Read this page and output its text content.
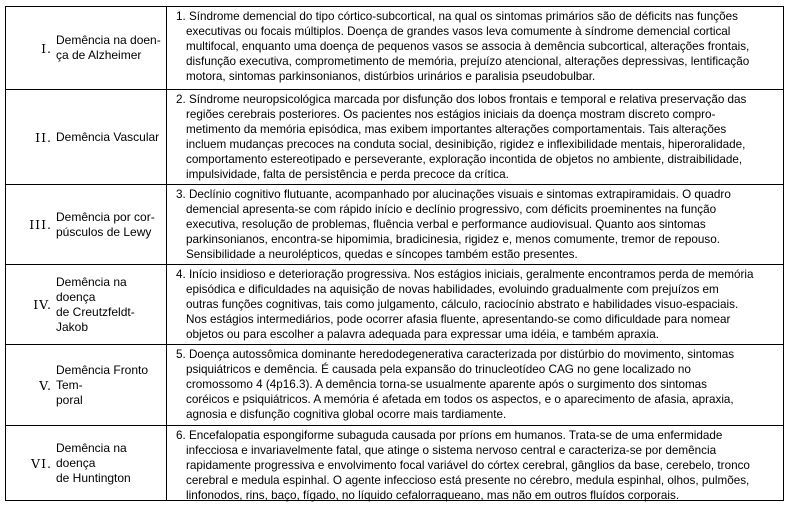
I.
Demência na doen-
ça de Alzheimer
1. Síndrome demencial do tipo córtico-subcortical, na qual os sintomas primários são de déficits nas funções
executivas ou focais múltiplos. Doença de grandes vasos leva comumente à síndrome demencial cortical
multifocal, enquanto uma doença de pequenos vasos se associa à demência subcortical, alterações frontais,
disfunção executiva, comprometimento de memória, prejuízo atencional, alterações depressivas, lentificação
motora, sintomas parkinsonianos, distúrbios urinários e paralisia pseudobulbar.
II. Demência Vascular
2. Síndrome neuropsicológica marcada por disfunção dos lobos frontais e temporal e relativa preservação das
regiões cerebrais posteriores. Os pacientes nos estágios iniciais da doença mostram discreto compro-
metimento da memória episódica, mas exibem importantes alterações comportamentais. Tais alterações
incluem mudanças precoces na conduta social, desinibição, rigidez e inflexibilidade mentais, hiperoralidade,
comportamento estereotipado e perseverante, exploração incontida de objetos no ambiente, distraibilidade,
impulsividade, falta de persistência e perda precoce da crítica.
III.
Demência por cor-
púsculos de Lewy
3. Declínio cognitivo flutuante, acompanhado por alucinações visuais e sintomas extrapiramidais. O quadro
demencial apresenta-se com rápido início e declínio progressivo, com déficits proeminentes na função
executiva, resolução de problemas, fluência verbal e performance audiovisual. Quanto aos sintomas
parkinsonianos, encontra-se hipomimia, bradicinesia, rigidez e, menos comumente, tremor de repouso.
Sensibilidade a neurolépticos, quedas e síncopes também estão presentes.
IV.
Demência na doença
de Creutzfeldt-Jakob
4. Início insidioso e deterioração progressiva. Nos estágios iniciais, geralmente encontramos perda de memória
episódica e dificuldades na aquisição de novas habilidades, evoluindo gradualmente com prejuízos em
outras funções cognitivas, tais como julgamento, cálculo, raciocínio abstrato e habilidades visuo-espaciais.
Nos estágios intermediários, pode ocorrer afasia fluente, apresentando-se como dificuldade para nomear
objetos ou para escolher a palavra adequada para expressar uma idéia, e também apraxia.
V.
Demência Fronto Tem-
poral
5. Doença autossômica dominante heredodegenerativa caracterizada por distúrbio do movimento, sintomas
psiquiátricos e demência. É causada pela expansão do trinucleotídeo CAG no gene localizado no
cromossomo 4 (4p16.3). A demência torna-se usualmente aparente após o surgimento dos sintomas
coréicos e psiquiátricos. A memória é afetada em todos os aspectos, e o aparecimento de afasia, apraxia,
agnosia e disfunção cognitiva global ocorre mais tardiamente.
VI.
Demência na doença
de Huntington
6. Encefalopatia espongiforme subaguda causada por príons em humanos. Trata-se de uma enfermidade
infecciosa e invariavelmente fatal, que atinge o sistema nervoso central e caracteriza-se por demência
rapidamente progressiva e envolvimento focal variável do córtex cerebral, gânglios da base, cerebelo, tronco
cerebral e medula espinhal. O agente infeccioso está presente no cérebro, medula espinhal, olhos, pulmões,
linfonodos, rins, baço, fígado, no líquido cefalorraqueano, mas não em outros fluídos corporais.
